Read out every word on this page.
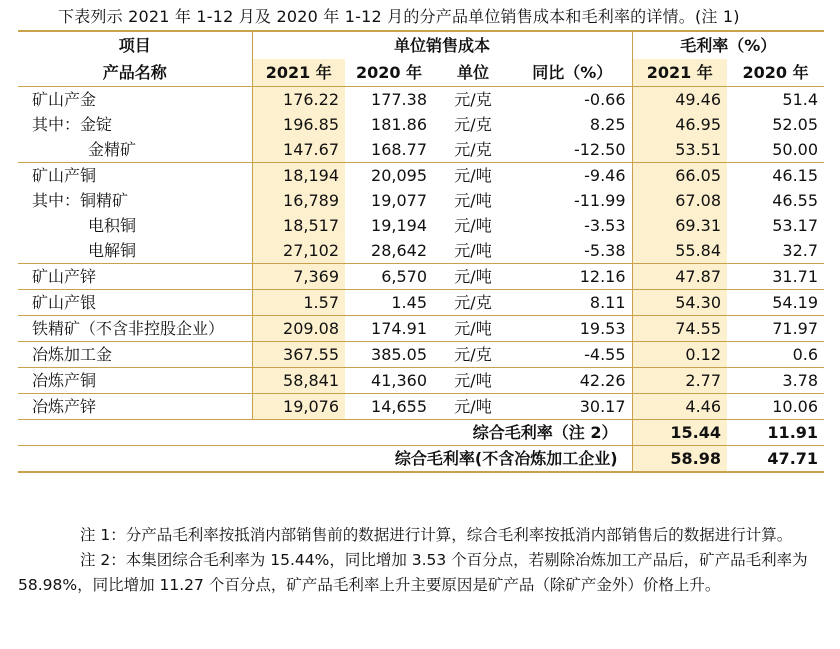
下表列示 2021 年 1-12 月及 2020 年 1-12 月的分产品单位销售成本和毛利率的详情。(注 1)
项目	单位销售成本				毛利率（%）	
产品名称	2021 年	2020 年	单位	同比（%）	2021 年	2020 年
矿山产金	176.22	177.38	元/克	-0.66	49.46	51.4
其中：金锭	196.85	181.86	元/克	8.25	46.95	52.05
金精矿	147.67	168.77	元/克	-12.50	53.51	50.00
矿山产铜	18,194	20,095	元/吨	-9.46	66.05	46.15
其中：铜精矿	16,789	19,077	元/吨	-11.99	67.08	46.55
电积铜	18,517	19,194	元/吨	-3.53	69.31	53.17
电解铜	27,102	28,642	元/吨	-5.38	55.84	32.7
矿山产锌	7,369	6,570	元/吨	12.16	47.87	31.71
矿山产银	1.57	1.45	元/克	8.11	54.30	54.19
铁精矿（不含非控股企业）	209.08	174.91	元/吨	19.53	74.55	71.97
冶炼加工金	367.55	385.05	元/克	-4.55	0.12	0.6
冶炼产铜	58,841	41,360	元/吨	42.26	2.77	3.78
冶炼产锌	19,076	14,655	元/吨	30.17	4.46	10.06
综合毛利率（注 2）					15.44	11.91
综合毛利率(不含冶炼加工企业)					58.98	47.71

注 1：分产品毛利率按抵消内部销售前的数据进行计算，综合毛利率按抵消内部销售后的数据进行计算。

注 2：本集团综合毛利率为 15.44%，同比增加 3.53 个百分点，若剔除冶炼加工产品后，矿产品毛利率为 58.98%，同比增加 11.27 个百分点，矿产品毛利率上升主要原因是矿产品（除矿产金外）价格上升。
